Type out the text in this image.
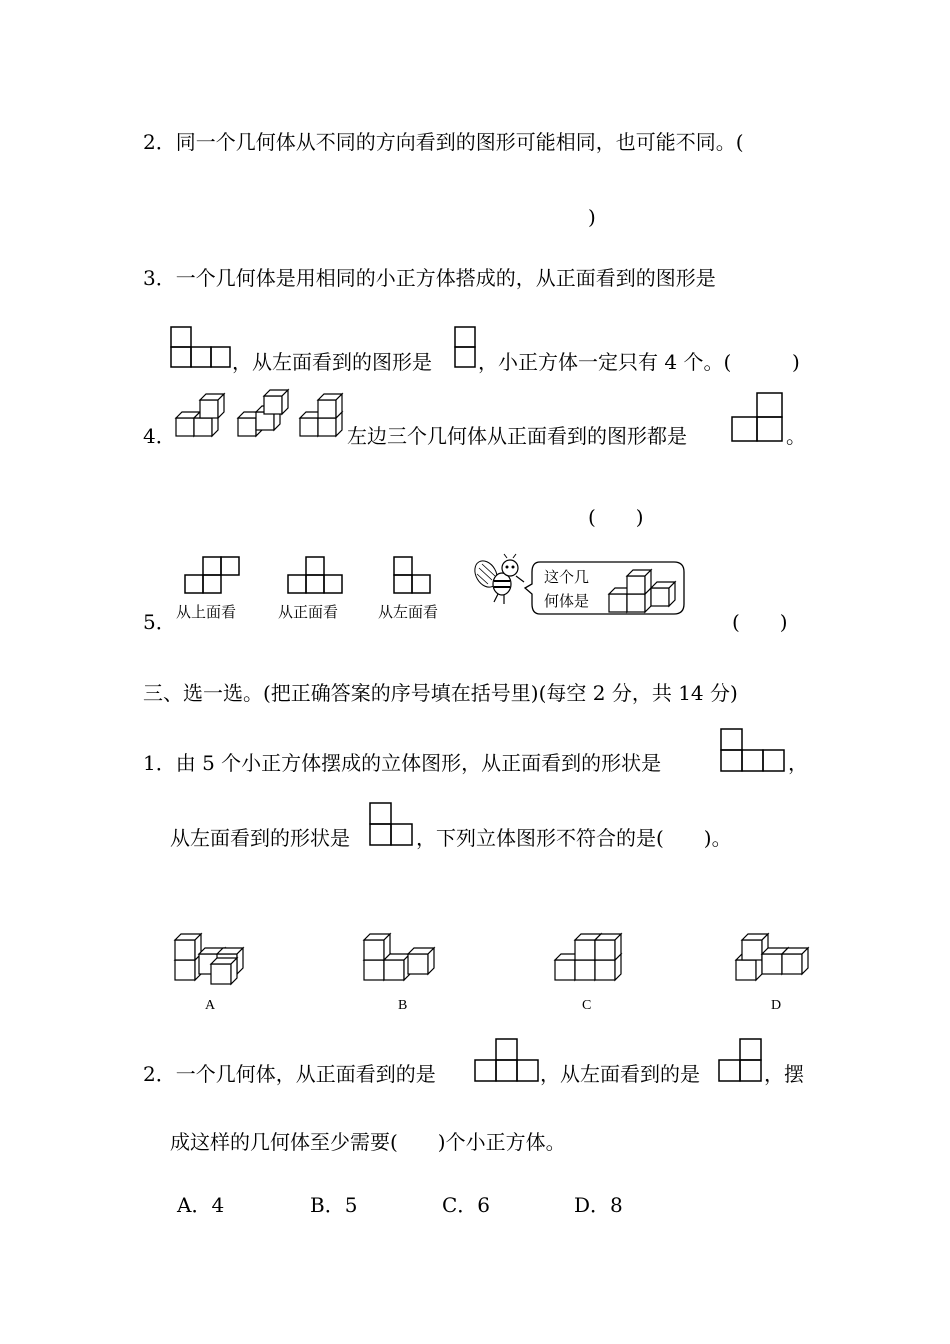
2．同一个几何体从不同的方向看到的图形可能相同，也可能不同。(
)
3．一个几何体是用相同的小正方体搭成的，从正面看到的图形是
，从左面看到的图形是 ，小正方体一定只有 4 个。(	)
4．	左边三个几何体从正面看到的图形都是	。
(　　)
5． 从上面看	从正面看	从左面看
这个几
何体是
(　　)
三、选一选。(把正确答案的序号填在括号里)(每空 2 分，共 14 分)
1．由 5 个小正方体摆成的立体图形，从正面看到的形状是	，
从左面看到的形状是	，下列立体图形不符合的是(　　)。
A	B	C	D
2．一个几何体，从正面看到的是	，从左面看到的是	，摆
成这样的几何体至少需要(　　)个小正方体。
A．4	B．5	C．6	D．8
